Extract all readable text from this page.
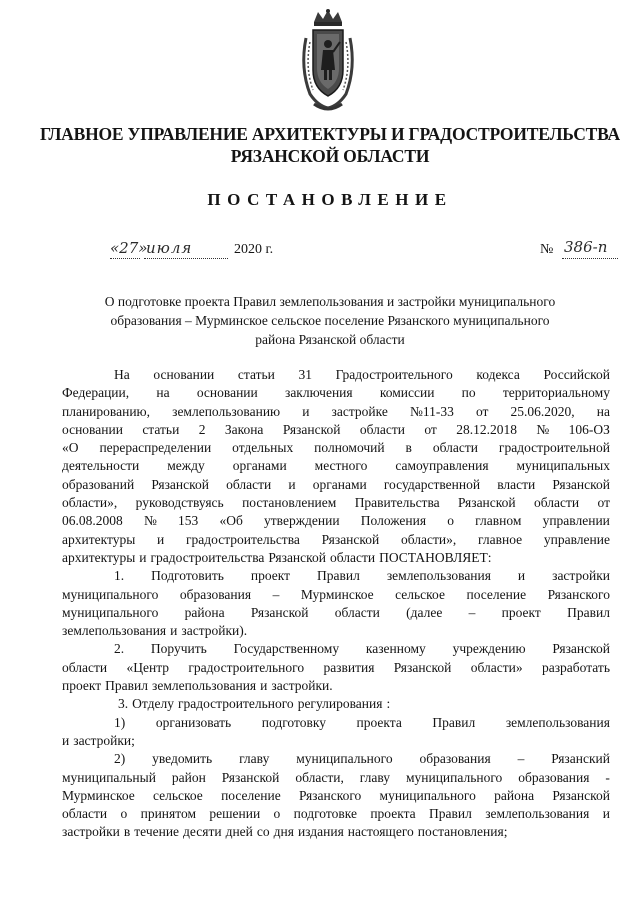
ГЛАВНОЕ УПРАВЛЕНИЕ АРХИТЕКТУРЫ И ГРАДОСТРОИТЕЛЬСТВА
РЯЗАНСКОЙ ОБЛАСТИ
ПОСТАНОВЛЕНИЕ
«27»
июля	2020 г.	№ 386-п
О подготовке проекта Правил землепользования и застройки муниципального
образования – Мурминское сельское поселение Рязанского муниципального
района Рязанской области
На основании статьи 31 Градостроительного кодекса Российской
Федерации, на основании заключения комиссии по территориальному
планированию, землепользованию и застройке №11-33 от 25.06.2020, на
основании статьи 2 Закона Рязанской области от 28.12.2018 № 106-ОЗ
«О перераспределении отдельных полномочий в области градостроительной
деятельности между органами местного самоуправления муниципальных
образований Рязанской области и органами государственной власти Рязанской
области», руководствуясь постановлением Правительства Рязанской области от
06.08.2008 № 153 «Об утверждении Положения о главном управлении
архитектуры и градостроительства Рязанской области», главное управление
архитектуры и градостроительства Рязанской области ПОСТАНОВЛЯЕТ:
1. Подготовить проект Правил землепользования и застройки
муниципального образования – Мурминское сельское поселение Рязанского
муниципального района Рязанской области (далее – проект Правил
землепользования и застройки).
2. Поручить Государственному казенному учреждению Рязанской
области «Центр градостроительного развития Рязанской области» разработать
проект Правил землепользования и застройки.
3. Отделу градостроительного регулирования :
1) организовать подготовку проекта Правил землепользования
и застройки;
2) уведомить главу муниципального образования – Рязанский
муниципальный район Рязанской области, главу муниципального образования -
Мурминское сельское поселение Рязанского муниципального района Рязанской
области о принятом решении о подготовке проекта Правил землепользования и
застройки в течение десяти дней со дня издания настоящего постановления;
